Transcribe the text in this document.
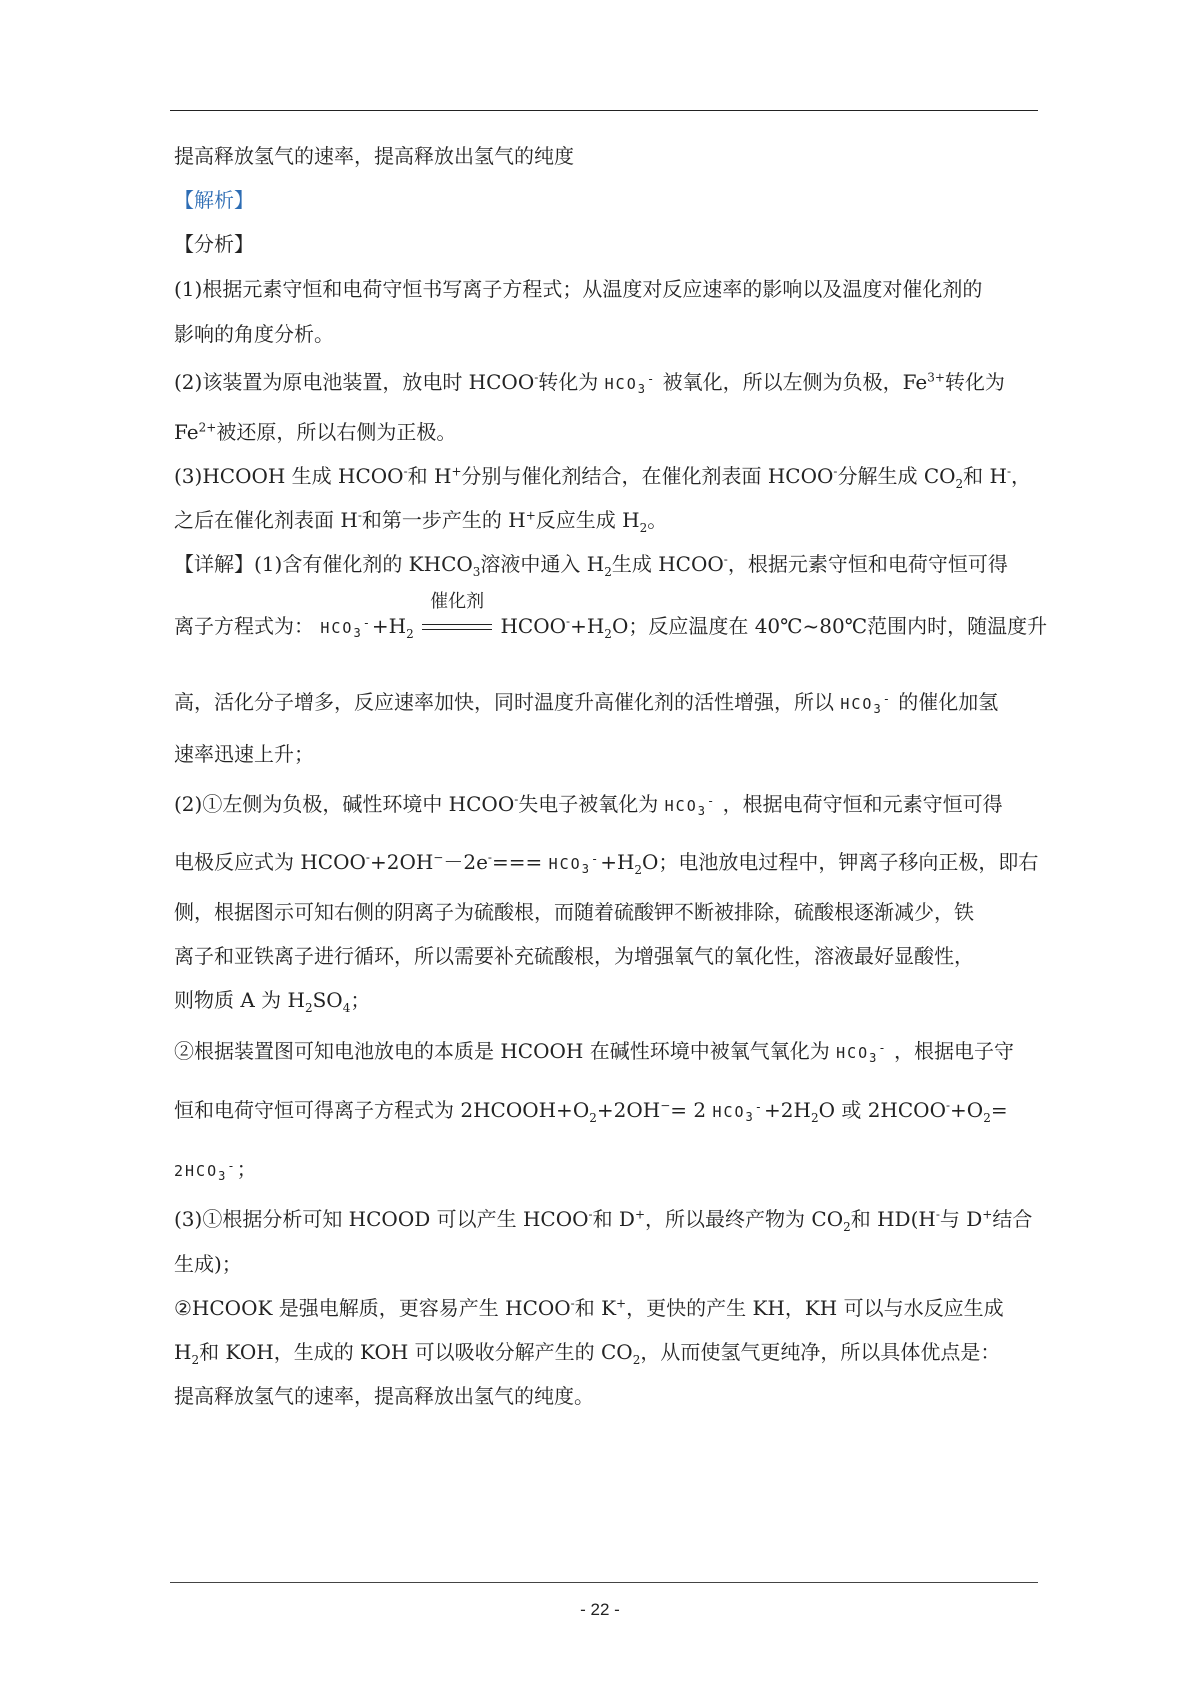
提高释放氢气的速率，提高释放出氢气的纯度
【解析】
【分析】
(1)根据元素守恒和电荷守恒书写离子方程式；从温度对反应速率的影响以及温度对催化剂的
影响的角度分析。
(2)该装置为原电池装置，放电时 HCOO-转化为 $HCO_3^-$ 被氧化，所以左侧为负极，$Fe^{3+}$转化为
$Fe^{2+}$被还原，所以右侧为正极。
(3)HCOOH 生成 HCOO-和 H+分别与催化剂结合，在催化剂表面 HCOO-分解生成 $CO_2$和 H-，
之后在催化剂表面 H-和第一步产生的 H+反应生成 $H_2$。
【详解】(1)含有催化剂的 $KHCO_3$溶液中通入 $H_2$生成 HCOO-，根据元素守恒和电荷守恒可得
离子方程式为： $HCO_3^-+H_2$
催化剂
$HCOO^-+H_2O$；反应温度在 40℃~80℃范围内时，随温度升
高，活化分子增多，反应速率加快，同时温度升高催化剂的活性增强，所以 $HCO_3^-$ 的催化加氢
速率迅速上升；
(2)①左侧为负极，碱性环境中 HCOO-失电子被氧化为 $HCO_3^-$ ，根据电荷守恒和元素守恒可得
电极反应式为 HCOO-+2OH−－2e-=== $HCO_3^-+H_2O$；电池放电过程中，钾离子移向正极，即右
侧，根据图示可知右侧的阴离子为硫酸根，而随着硫酸钾不断被排除，硫酸根逐渐减少，铁
离子和亚铁离子进行循环，所以需要补充硫酸根，为增强氧气的氧化性，溶液最好显酸性，
则物质 A 为 $H_2SO_4$；
②根据装置图可知电池放电的本质是 HCOOH 在碱性环境中被氧气氧化为 $HCO_3^-$ ，根据电子守
恒和电荷守恒可得离子方程式为 $2HCOOH+O_2+2OH^-= 2$ $HCO_3^-+2H_2O$ 或 $2HCOO^-+O_2=$
$2HCO_3^-$；
(3)①根据分析可知 HCOOD 可以产生 HCOO-和 D+，所以最终产物为 $CO_2$和 HD(H-与 D+结合
生成)；
②HCOOK 是强电解质，更容易产生 HCOO-和 K+，更快的产生 KH，KH 可以与水反应生成
$H_2$和 KOH，生成的 KOH 可以吸收分解产生的 $CO_2$，从而使氢气更纯净，所以具体优点是：
提高释放氢气的速率，提高释放出氢气的纯度。
- 22 -
